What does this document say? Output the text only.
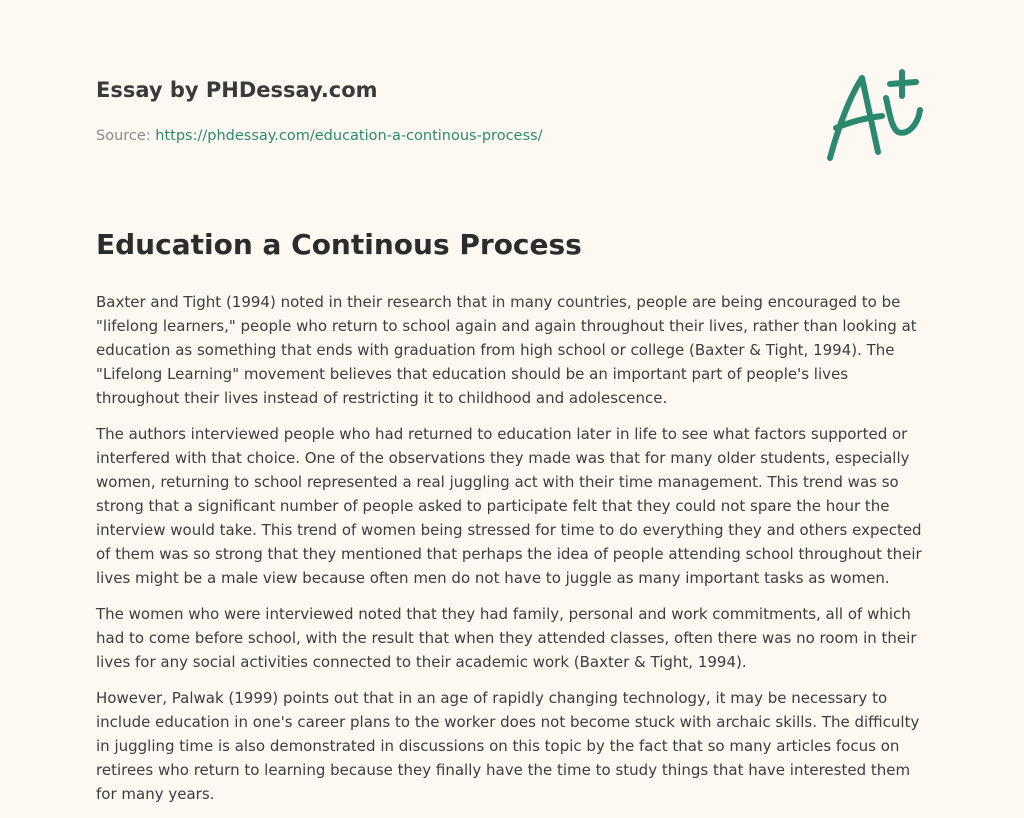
Essay by PHDessay.com
Source: https://phdessay.com/education-a-continous-process/
Education a Continous Process

Baxter and Tight (1994) noted in their research that in many countries, people are being encouraged to be "lifelong learners," people who return to school again and again throughout their lives, rather than looking at education as something that ends with graduation from high school or college (Baxter & Tight, 1994). The "Lifelong Learning" movement believes that education should be an important part of people's lives throughout their lives instead of restricting it to childhood and adolescence.

The authors interviewed people who had returned to education later in life to see what factors supported or interfered with that choice. One of the observations they made was that for many older students, especially women, returning to school represented a real juggling act with their time management. This trend was so strong that a significant number of people asked to participate felt that they could not spare the hour the interview would take. This trend of women being stressed for time to do everything they and others expected of them was so strong that they mentioned that perhaps the idea of people attending school throughout their lives might be a male view because often men do not have to juggle as many important tasks as women.

The women who were interviewed noted that they had family, personal and work commitments, all of which had to come before school, with the result that when they attended classes, often there was no room in their lives for any social activities connected to their academic work (Baxter & Tight, 1994).

However, Palwak (1999) points out that in an age of rapidly changing technology, it may be necessary to include education in one's career plans to the worker does not become stuck with archaic skills. The difficulty in juggling time is also demonstrated in discussions on this topic by the fact that so many articles focus on retirees who return to learning because they finally have the time to study things that have interested them for many years.
